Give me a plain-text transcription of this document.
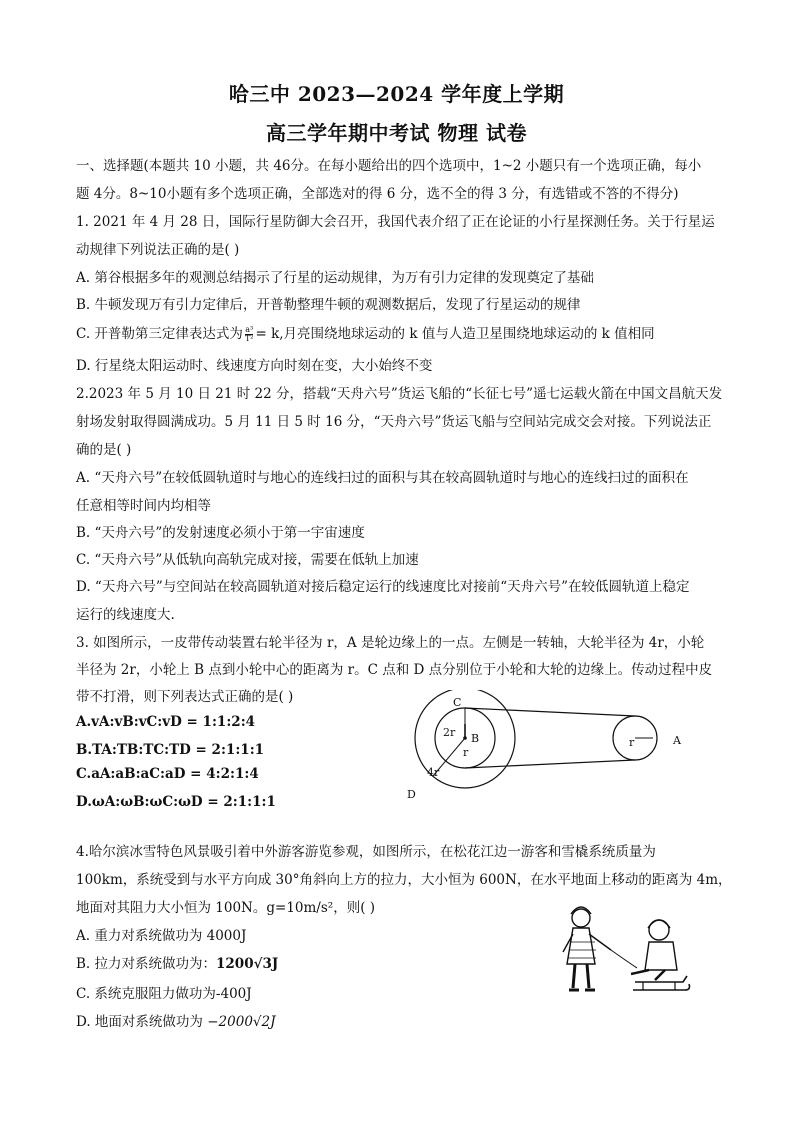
哈三中 2023—2024 学年度上学期
高三学年期中考试 物理 试卷
一、选择题(本题共 10 小题，共 46分。在每小题给出的四个选项中，1~2 小题只有一个选项正确，每小
题 4分。8~10小题有多个选项正确，全部选对的得 6 分，选不全的得 3 分，有选错或不答的不得分)
1. 2021 年 4 月 28 日，国际行星防御大会召开，我国代表介绍了正在论证的小行星探测任务。关于行星运
动规律下列说法正确的是( )
A. 第谷根据多年的观测总结揭示了行星的运动规律，为万有引力定律的发现奠定了基础
B. 牛顿发现万有引力定律后，开普勒整理牛顿的观测数据后，发现了行星运动的规律
C. 开普勒第三定律表达式为 $\frac{\text{a³}}{\text{T²}} = k$,月亮围绕地球运动的 k 值与人造卫星围绕地球运动的 k 值相同
D. 行星绕太阳运动时、线速度方向时刻在变，大小始终不变
2.2023 年 5 月 10 日 21 时 22 分，搭载“天舟六号”货运飞船的“长征七号”遥七运载火箭在中国文昌航天发
射场发射取得圆满成功。5 月 11 日 5 时 16 分，“天舟六号”货运飞船与空间站完成交会对接。下列说法正
确的是( )
A. “天舟六号”在较低圆轨道时与地心的连线扫过的面积与其在较高圆轨道时与地心的连线扫过的面积在
任意相等时间内均相等
B. “天舟六号”的发射速度必须小于第一宇宙速度
C. “天舟六号”从低轨向高轨完成对接，需要在低轨上加速
D. “天舟六号”与空间站在较高圆轨道对接后稳定运行的线速度比对接前“天舟六号”在较低圆轨道上稳定
运行的线速度大.
3. 如图所示，一皮带传动装置右轮半径为 r，A 是轮边缘上的一点。左侧是一转轴，大轮半径为 4r，小轮
半径为 2r，小轮上 B 点到小轮中心的距离为 r。C 点和 D 点分别位于小轮和大轮的边缘上。传动过程中皮
带不打滑，则下列表达式正确的是( )
A.vA:vB:vC:vD = 1:1:2:4
B.TA:TB:TC:TD = 2:1:1:1
C.aA:aB:aC:aD = 4:2:1:4
D.ωA:ωB:ωC:ωD = 2:1:1:1
C
B
2r
r
4r
D
r	A
4.哈尔滨冰雪特色风景吸引着中外游客游览参观，如图所示，在松花江边一游客和雪橇系统质量为
100km，系统受到与水平方向成 30°角斜向上方的拉力，大小恒为 600N，在水平地面上移动的距离为 4m，
地面对其阻力大小恒为 100N。g=10m/s²，则( )
A. 重力对系统做功为 4000J
B. 拉力对系统做功为：1200√3J
C. 系统克服阻力做功为-400J
D. 地面对系统做功为 −2000√2J
